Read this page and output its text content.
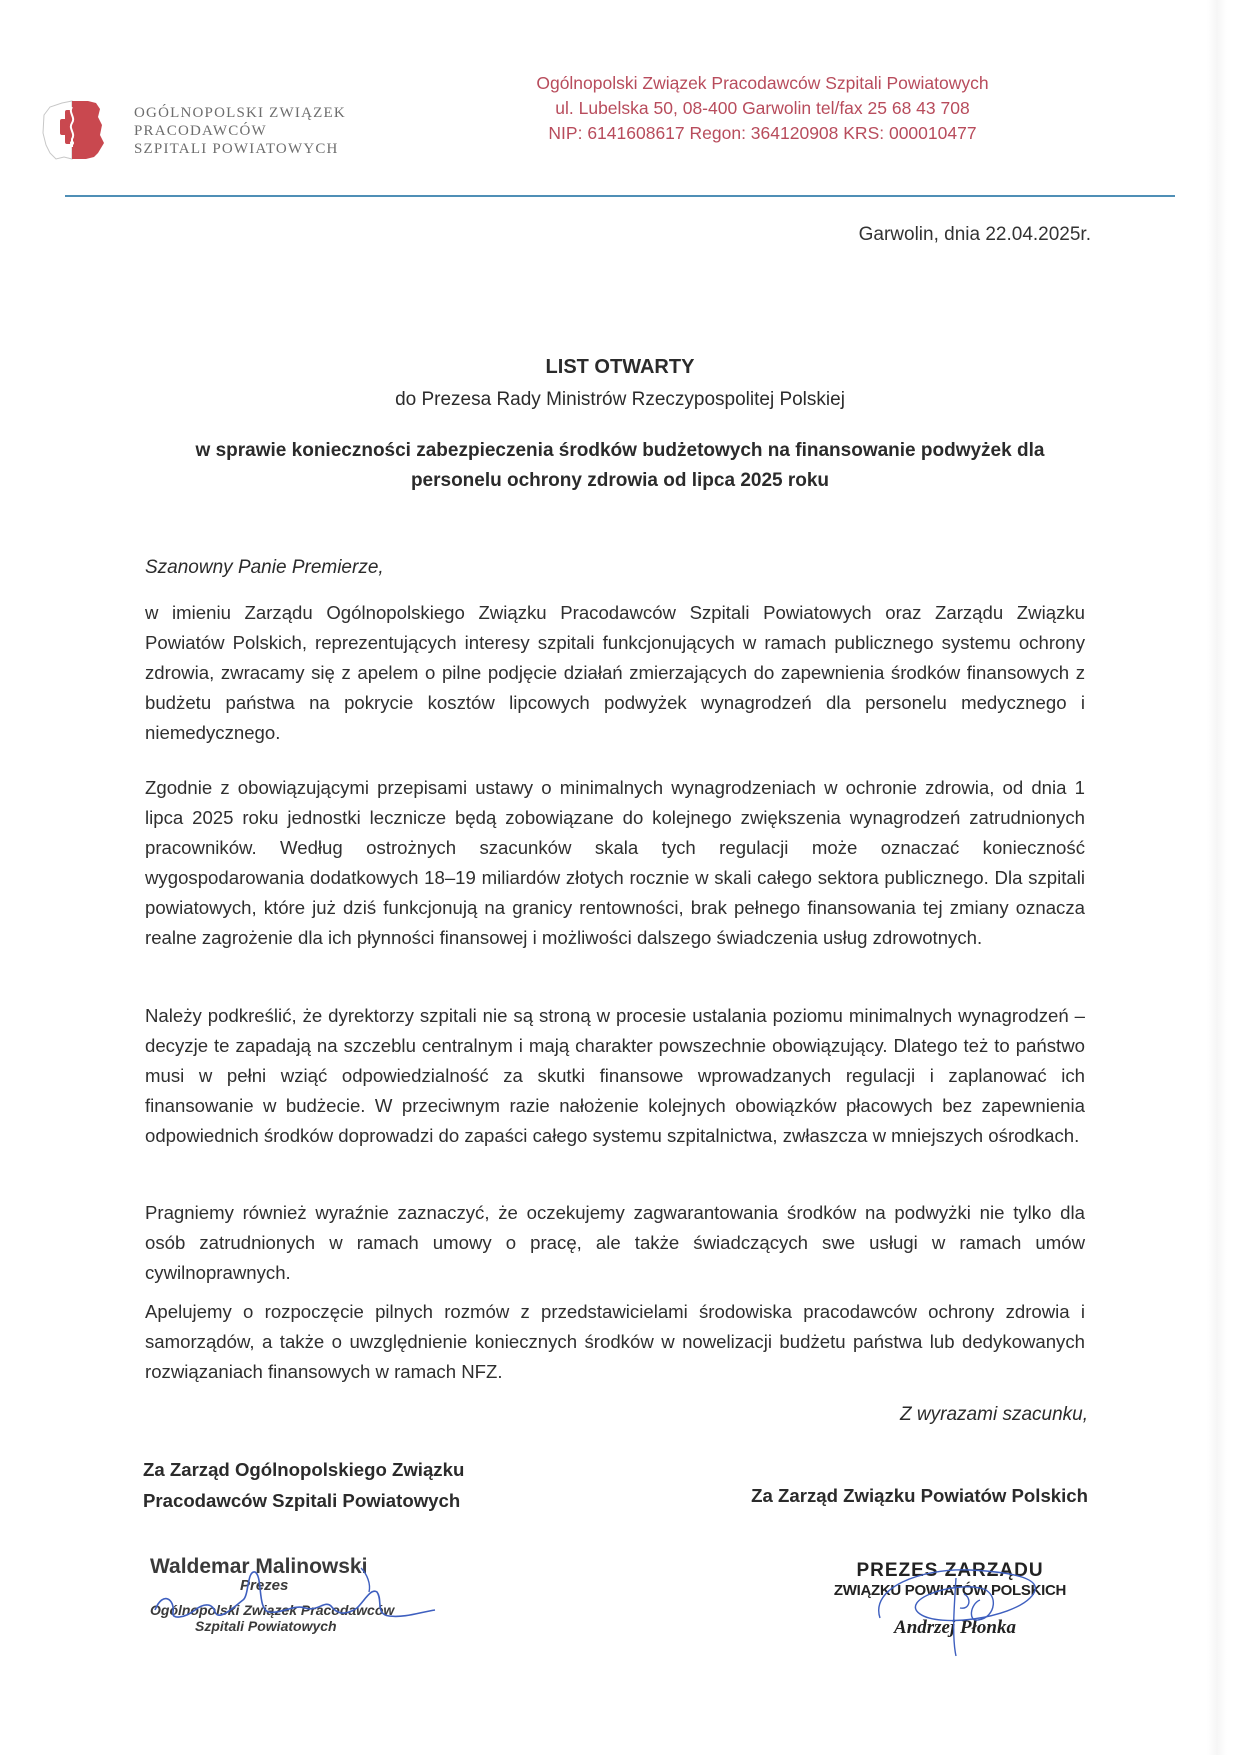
OGÓLNOPOLSKI ZWIĄZEK
PRACODAWCÓW
SZPITALI POWIATOWYCH
Ogólnopolski Związek Pracodawców Szpitali Powiatowych
ul. Lubelska 50, 08-400 Garwolin tel/fax 25 68 43 708
NIP: 6141608617 Regon: 364120908 KRS: 000010477
Garwolin, dnia 22.04.2025r.
LIST OTWARTY
do Prezesa Rady Ministrów Rzeczypospolitej Polskiej
w sprawie konieczności zabezpieczenia środków budżetowych na finansowanie podwyżek dla
personelu ochrony zdrowia od lipca 2025 roku
Szanowny Panie Premierze,

w imieniu Zarządu Ogólnopolskiego Związku Pracodawców Szpitali Powiatowych oraz Zarządu Związku Powiatów Polskich, reprezentujących interesy szpitali funkcjonujących w ramach publicznego systemu ochrony zdrowia, zwracamy się z apelem o pilne podjęcie działań zmierzających do zapewnienia środków finansowych z budżetu państwa na pokrycie kosztów lipcowych podwyżek wynagrodzeń dla personelu medycznego i niemedycznego.

Zgodnie z obowiązującymi przepisami ustawy o minimalnych wynagrodzeniach w ochronie zdrowia, od dnia 1 lipca 2025 roku jednostki lecznicze będą zobowiązane do kolejnego zwiększenia wynagrodzeń zatrudnionych pracowników. Według ostrożnych szacunków skala tych regulacji może oznaczać konieczność wygospodarowania dodatkowych 18–19 miliardów złotych rocznie w skali całego sektora publicznego. Dla szpitali powiatowych, które już dziś funkcjonują na granicy rentowności, brak pełnego finansowania tej zmiany oznacza realne zagrożenie dla ich płynności finansowej i możliwości dalszego świadczenia usług zdrowotnych.

Należy podkreślić, że dyrektorzy szpitali nie są stroną w procesie ustalania poziomu minimalnych wynagrodzeń – decyzje te zapadają na szczeblu centralnym i mają charakter powszechnie obowiązujący. Dlatego też to państwo musi w pełni wziąć odpowiedzialność za skutki finansowe wprowadzanych regulacji i zaplanować ich finansowanie w budżecie. W przeciwnym razie nałożenie kolejnych obowiązków płacowych bez zapewnienia odpowiednich środków doprowadzi do zapaści całego systemu szpitalnictwa, zwłaszcza w mniejszych ośrodkach.

Pragniemy również wyraźnie zaznaczyć, że oczekujemy zagwarantowania środków na podwyżki nie tylko dla osób zatrudnionych w ramach umowy o pracę, ale także świadczących swe usługi w ramach umów cywilnoprawnych.

Apelujemy o rozpoczęcie pilnych rozmów z przedstawicielami środowiska pracodawców ochrony zdrowia i samorządów, a także o uwzględnienie koniecznych środków w nowelizacji budżetu państwa lub dedykowanych rozwiązaniach finansowych w ramach NFZ.

Z wyrazami szacunku,
Za Zarząd Ogólnopolskiego Związku
Pracodawców Szpitali Powiatowych	Za Zarząd Związku Powiatów Polskich
Waldemar Malinowski
Prezes
Ogólnopolski Związek Pracodawców
Szpitali Powiatowych
PREZES ZARZĄDU
ZWIĄZKU POWIATÓW POLSKICH
Andrzej Płonka
